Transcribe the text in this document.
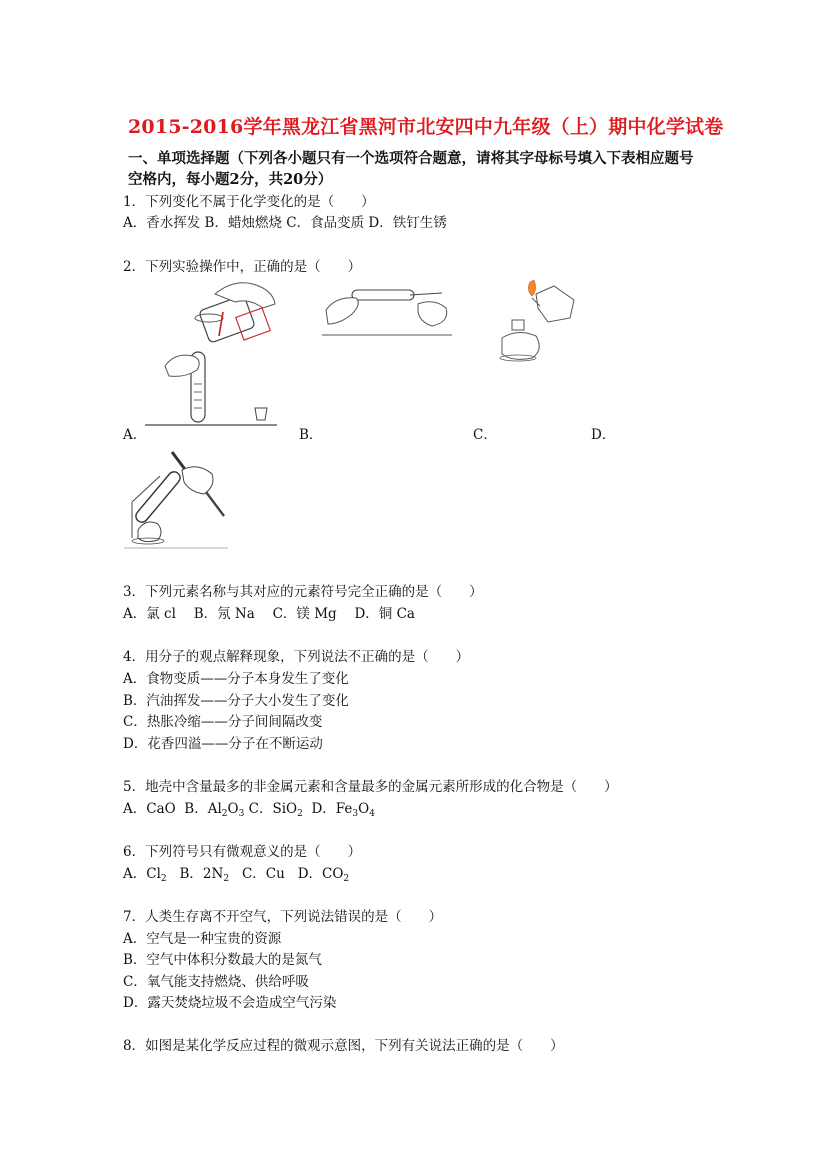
2015-2016学年黑龙江省黑河市北安四中九年级（上）期中化学试卷
一、单项选择题（下列各小题只有一个选项符合题意，请将其字母标号填入下表相应题号
空格内，每小题2分，共20分）
1．下列变化不属于化学变化的是（　　）
A．香水挥发 B．蜡烛燃烧 C．食品变质 D．铁钉生锈
2．下列实验操作中，正确的是（　　）
A．	B．	C．	D．
3．下列元素名称与其对应的元素符号完全正确的是（　　）
A．氯 cl　 B．氖 Na　 C．镁 Mg　 D．铜 Ca
4．用分子的观点解释现象，下列说法不正确的是（　　）
A．食物变质——分子本身发生了变化
B．汽油挥发——分子大小发生了变化
C．热胀冷缩——分子间间隔改变
D．花香四溢——分子在不断运动
5．地壳中含量最多的非金属元素和含量最多的金属元素所形成的化合物是（　　）
A．CaO B．$Al_2O_3$ C．SiO$_2$ D．$Fe_3O_4$
6．下列符号只有微观意义的是（　　）
A．$Cl_2$ B．$2N_2$ C．Cu D．$CO_2$
7．人类生存离不开空气，下列说法错误的是（　　）
A．空气是一种宝贵的资源
B．空气中体积分数最大的是氮气
C．氧气能支持燃烧、供给呼吸
D．露天焚烧垃圾不会造成空气污染
8．如图是某化学反应过程的微观示意图，下列有关说法正确的是（　　）
